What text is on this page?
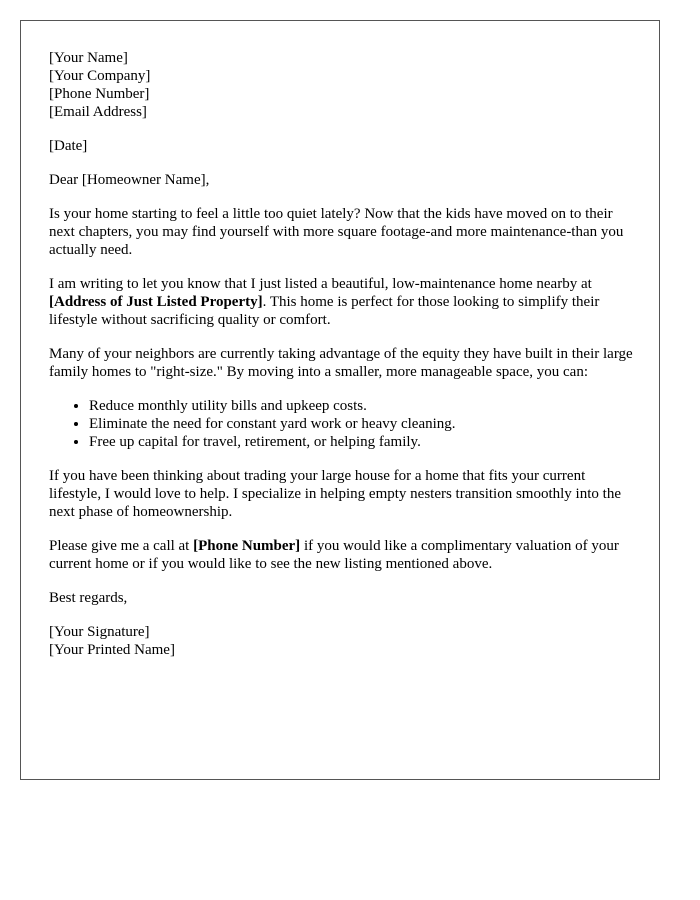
[Your Name]
[Your Company]
[Phone Number]
[Email Address]

[Date]

Dear [Homeowner Name],

Is your home starting to feel a little too quiet lately? Now that the kids have moved on to their next chapters, you may find yourself with more square footage-and more maintenance-than you actually need.

I am writing to let you know that I just listed a beautiful, low-maintenance home nearby at [Address of Just Listed Property]. This home is perfect for those looking to simplify their lifestyle without sacrificing quality or comfort.

Many of your neighbors are currently taking advantage of the equity they have built in their large family homes to "right-size." By moving into a smaller, more manageable space, you can:

• Reduce monthly utility bills and upkeep costs.
• Eliminate the need for constant yard work or heavy cleaning.
• Free up capital for travel, retirement, or helping family.

If you have been thinking about trading your large house for a home that fits your current lifestyle, I would love to help. I specialize in helping empty nesters transition smoothly into the next phase of homeownership.

Please give me a call at [Phone Number] if you would like a complimentary valuation of your current home or if you would like to see the new listing mentioned above.

Best regards,

[Your Signature]
[Your Printed Name]
